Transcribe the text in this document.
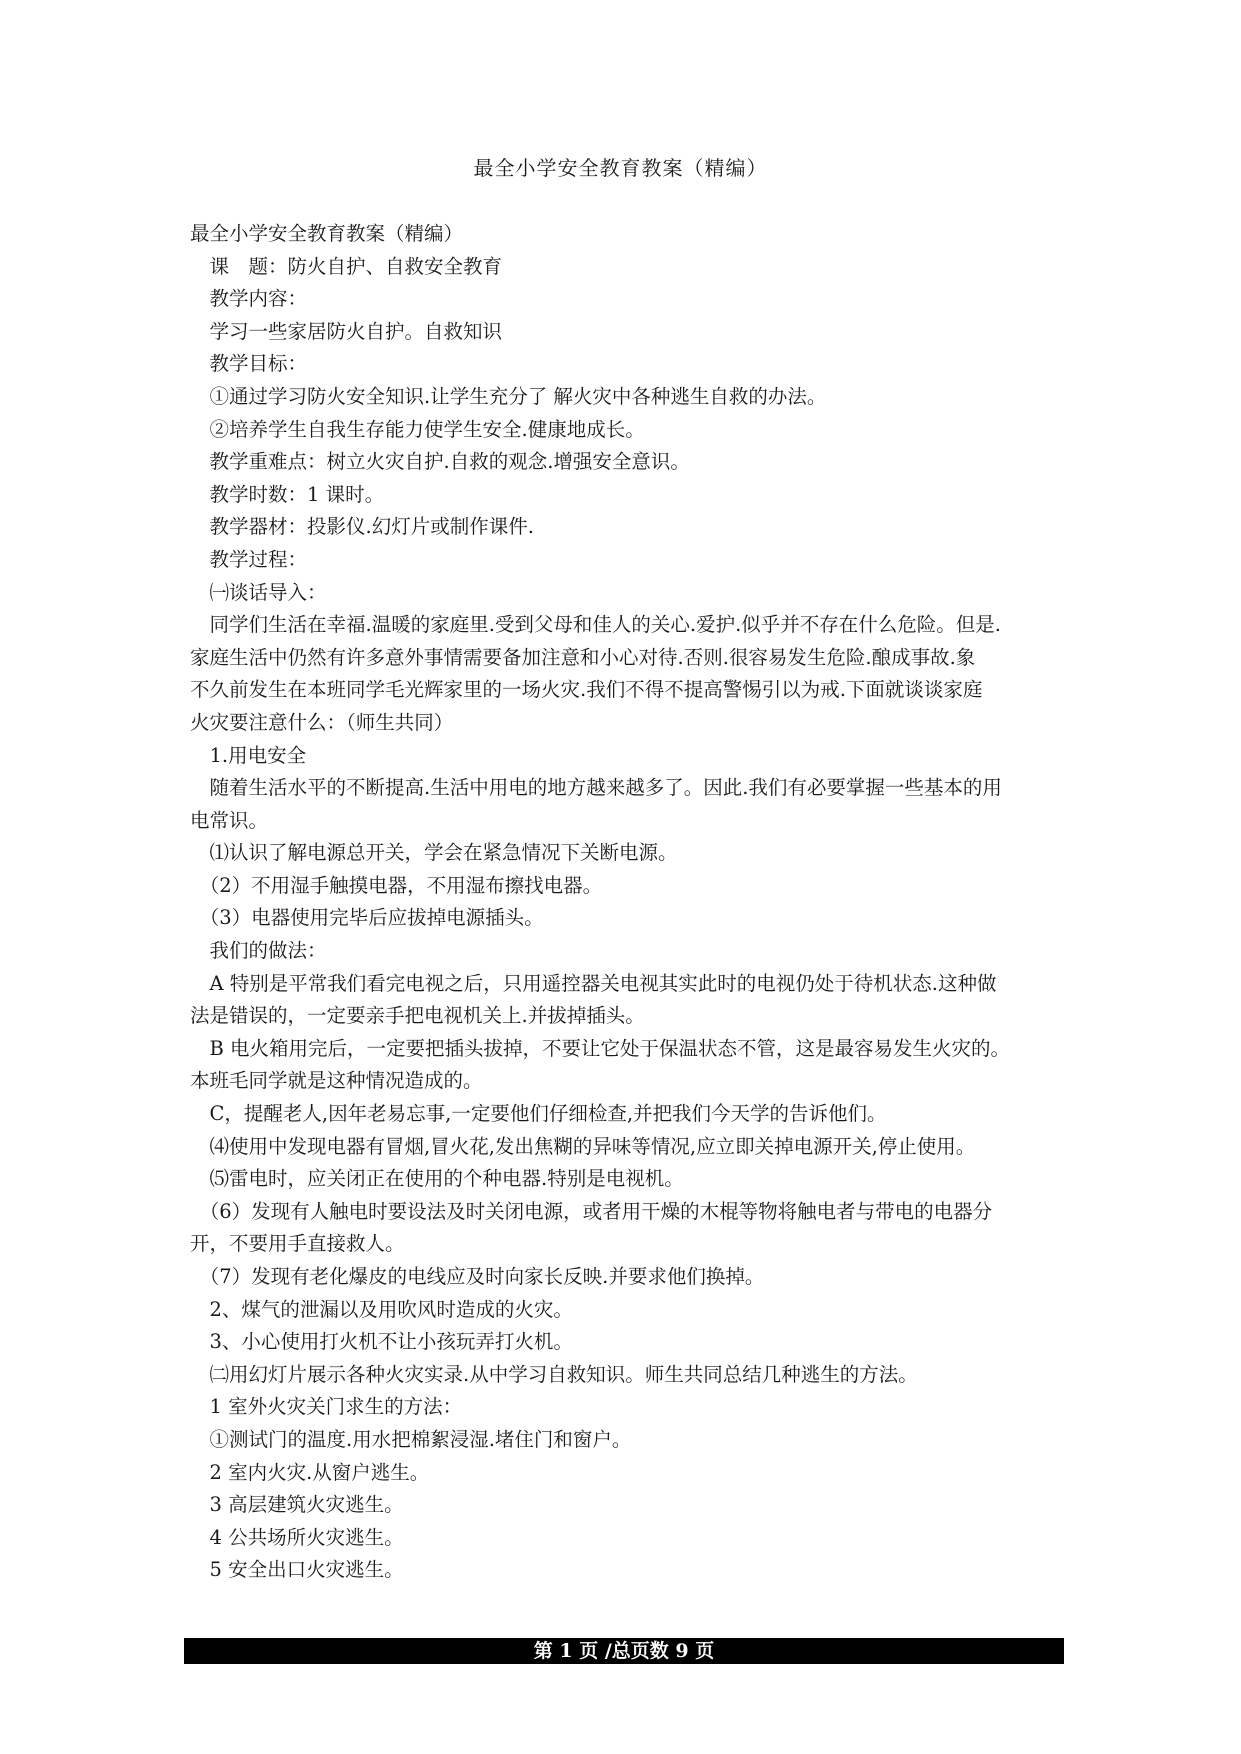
最全小学安全教育教案（精编）
最全小学安全教育教案（精编）
　课　题：防火自护、自救安全教育
　教学内容：
　学习一些家居防火自护。自救知识
　教学目标：
　①通过学习防火安全知识.让学生充分了 解火灾中各种逃生自救的办法。
　②培养学生自我生存能力使学生安全.健康地成长。
　教学重难点：树立火灾自护.自救的观念.增强安全意识。
　教学时数：1 课时。
　教学器材：投影仪.幻灯片或制作课件.
　教学过程：
　㈠谈话导入：
　同学们生活在幸福.温暖的家庭里.受到父母和佳人的关心.爱护.似乎并不存在什么危险。但是.
家庭生活中仍然有许多意外事情需要备加注意和小心对待.否则.很容易发生危险.酿成事故.象
不久前发生在本班同学毛光辉家里的一场火灾.我们不得不提高警惕引以为戒.下面就谈谈家庭
火灾要注意什么：（师生共同）
　1.用电安全
　随着生活水平的不断提高.生活中用电的地方越来越多了。因此.我们有必要掌握一些基本的用
电常识。
　⑴认识了解电源总开关，学会在紧急情况下关断电源。
　（2）不用湿手触摸电器，不用湿布擦找电器。
　（3）电器使用完毕后应拔掉电源插头。
　我们的做法：
　A 特别是平常我们看完电视之后，只用遥控器关电视其实此时的电视仍处于待机状态.这种做
法是错误的，一定要亲手把电视机关上.并拔掉插头。
　B 电火箱用完后，一定要把插头拔掉，不要让它处于保温状态不管，这是最容易发生火灾的。
本班毛同学就是这种情况造成的。
　C，提醒老人,因年老易忘事,一定要他们仔细检查,并把我们今天学的告诉他们。
　⑷使用中发现电器有冒烟,冒火花,发出焦糊的异味等情况,应立即关掉电源开关,停止使用。
　⑸雷电时，应关闭正在使用的个种电器.特别是电视机。
　（6）发现有人触电时要设法及时关闭电源，或者用干燥的木棍等物将触电者与带电的电器分
开，不要用手直接救人。
　（7）发现有老化爆皮的电线应及时向家长反映.并要求他们换掉。
　2、煤气的泄漏以及用吹风时造成的火灾。
　3、小心使用打火机不让小孩玩弄打火机。
　㈡用幻灯片展示各种火灾实录.从中学习自救知识。师生共同总结几种逃生的方法。
　1 室外火灾关门求生的方法：
　①测试门的温度.用水把棉絮浸湿.堵住门和窗户。
　2 室内火灾.从窗户逃生。
　3 高层建筑火灾逃生。
　4 公共场所火灾逃生。
　5 安全出口火灾逃生。
第 1 页 /总页数 9 页
